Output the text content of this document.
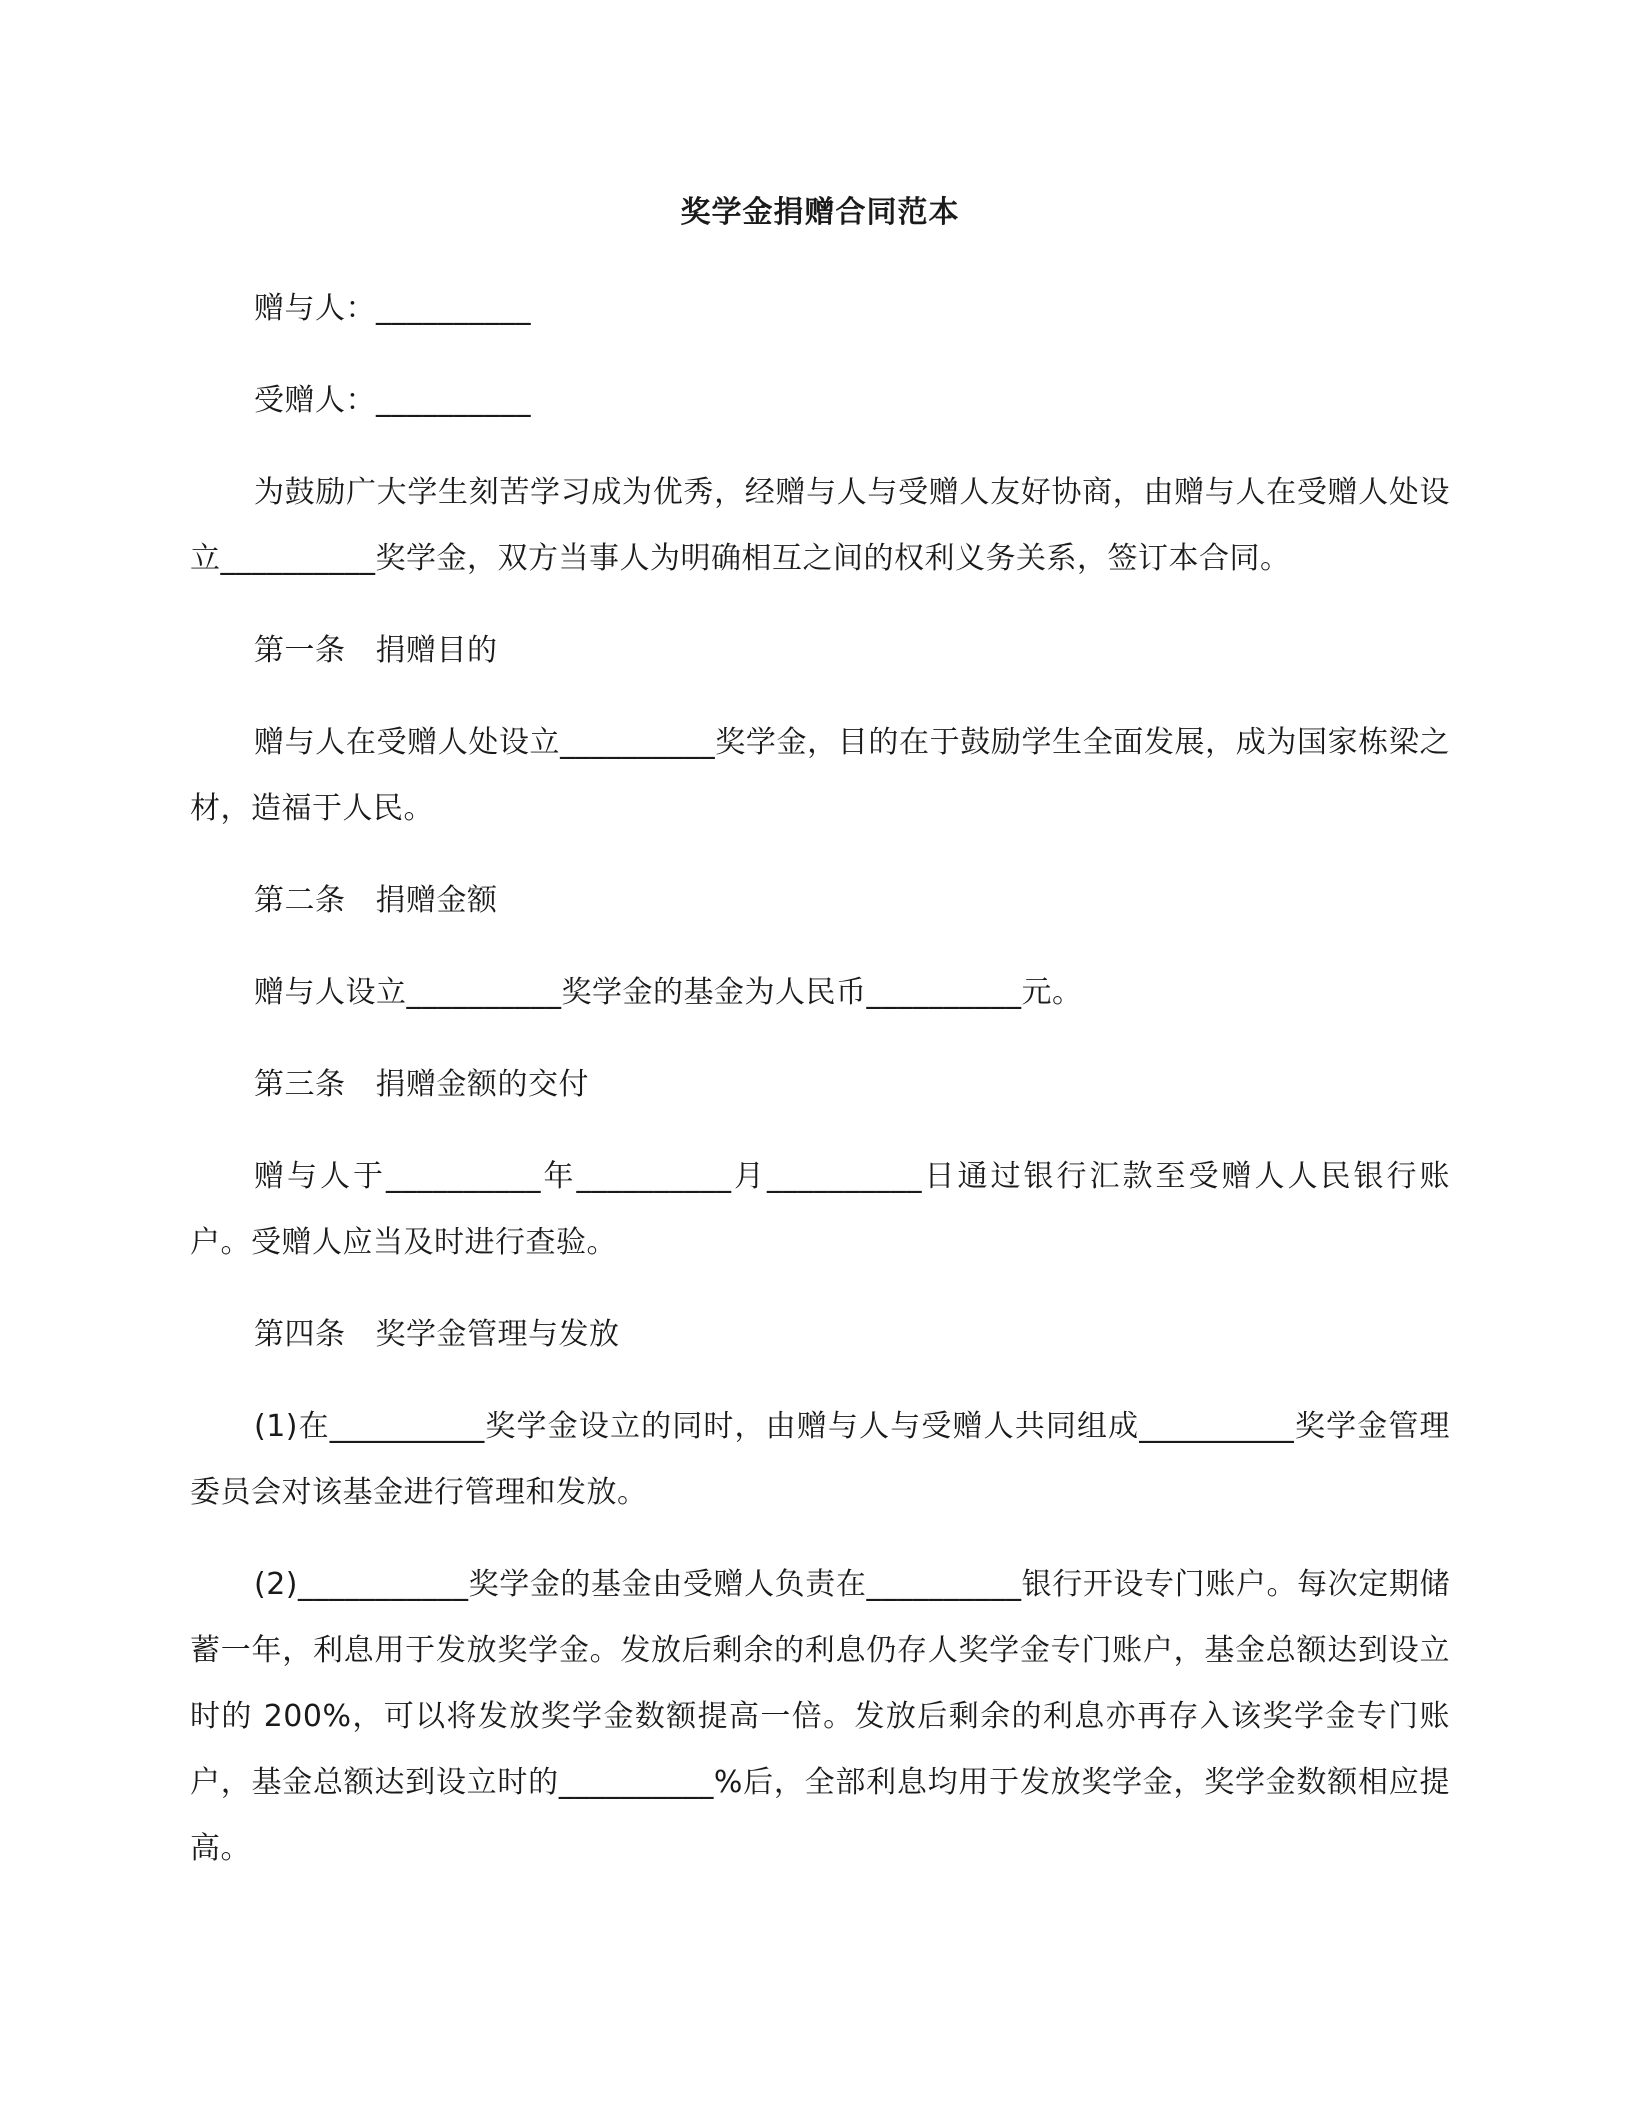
奖学金捐赠合同范本
赠与人：__________
受赠人：__________
为鼓励广大学生刻苦学习成为优秀，经赠与人与受赠人友好协商，由赠与人在受赠人处设立__________奖学金，双方当事人为明确相互之间的权利义务关系，签订本合同。
第一条 捐赠目的
赠与人在受赠人处设立__________奖学金，目的在于鼓励学生全面发展，成为国家栋梁之材，造福于人民。
第二条 捐赠金额
赠与人设立__________奖学金的基金为人民币__________元。
第三条 捐赠金额的交付
赠与人于__________年__________月__________日通过银行汇款至受赠人人民银行账户。受赠人应当及时进行查验。
第四条 奖学金管理与发放
(1)在__________奖学金设立的同时，由赠与人与受赠人共同组成__________奖学金管理委员会对该基金进行管理和发放。
(2)___________奖学金的基金由受赠人负责在__________银行开设专门账户。每次定期储蓄一年，利息用于发放奖学金。发放后剩余的利息仍存人奖学金专门账户，基金总额达到设立时的 200%，可以将发放奖学金数额提高一倍。发放后剩余的利息亦再存入该奖学金专门账户，基金总额达到设立时的__________%后，全部利息均用于发放奖学金，奖学金数额相应提高。
